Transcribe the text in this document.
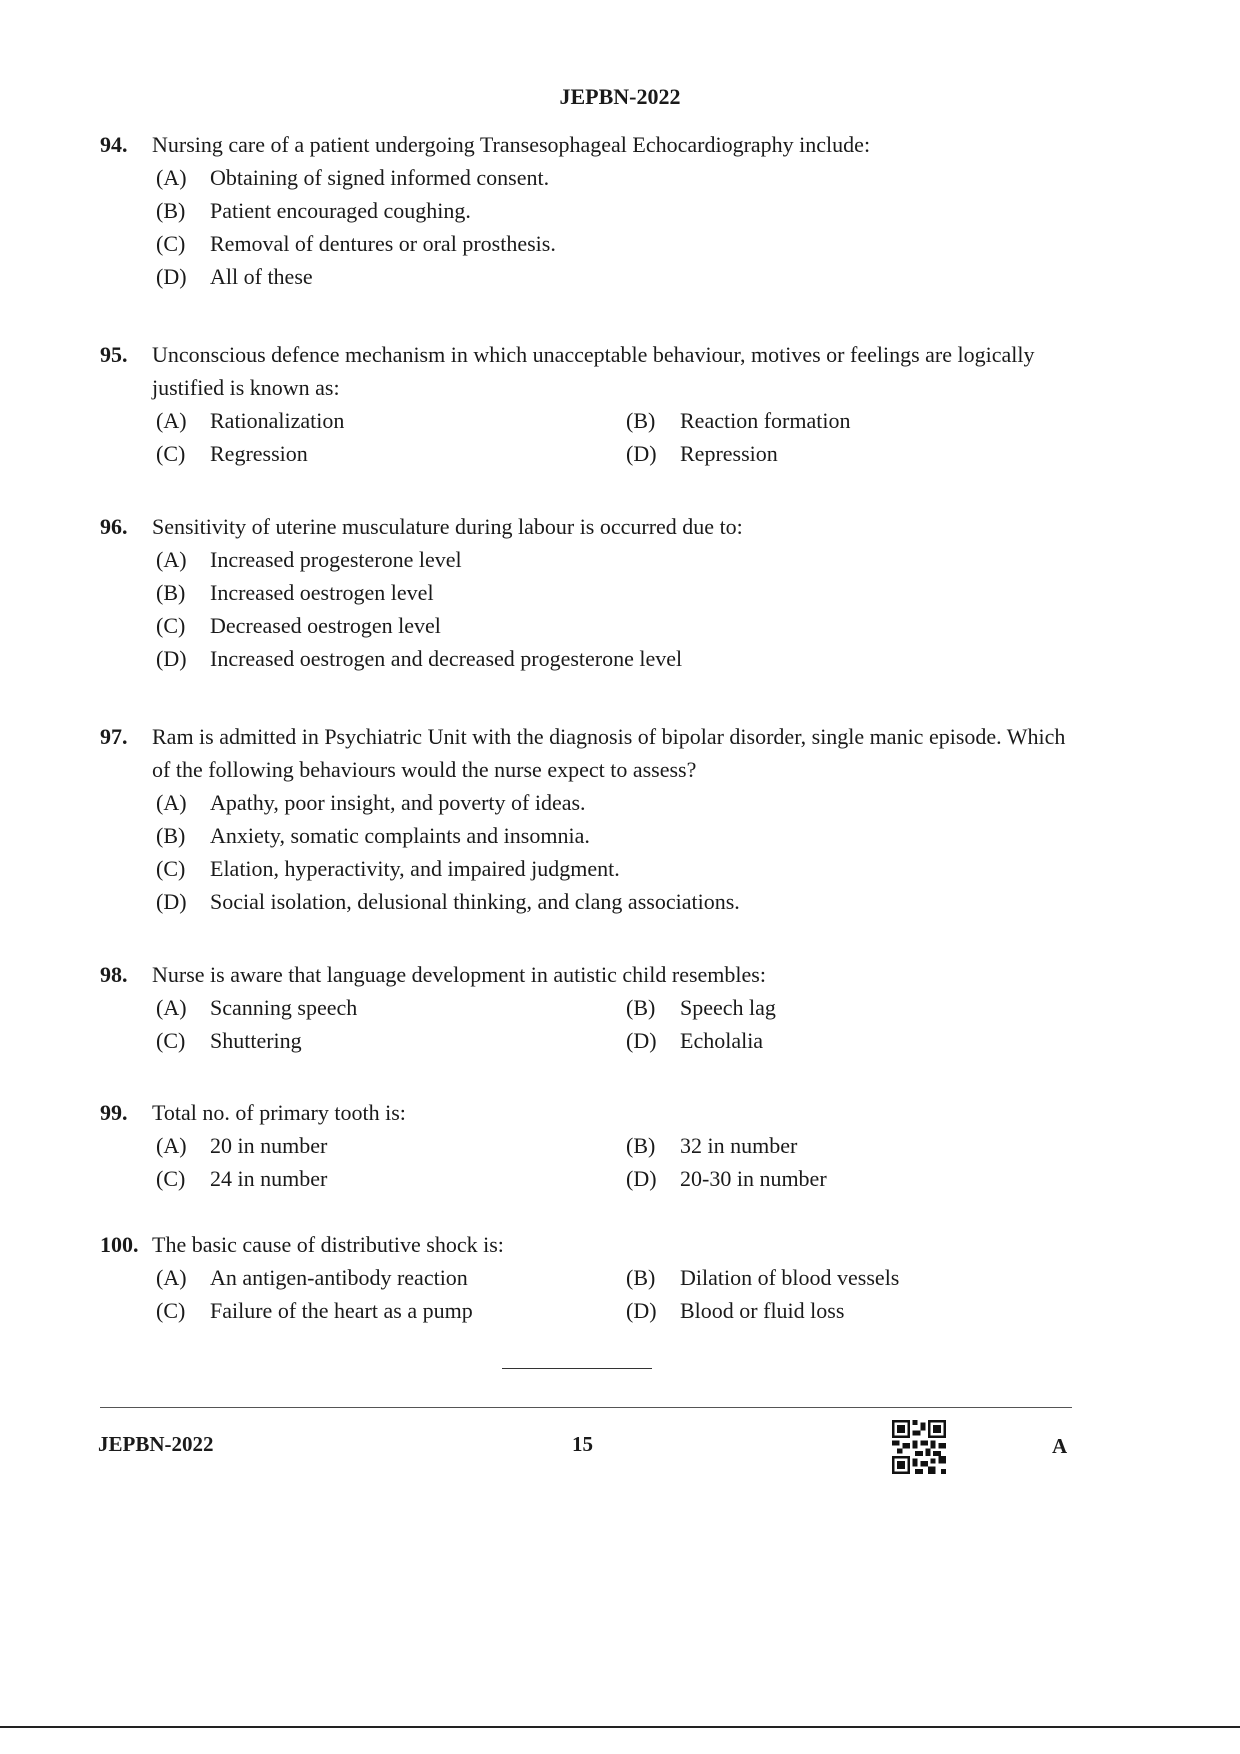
JEPBN-2022
94. Nursing care of a patient undergoing Transesophageal Echocardiography include:
(A) Obtaining of signed informed consent.
(B) Patient encouraged coughing.
(C) Removal of dentures or oral prosthesis.
(D) All of these
95. Unconscious defence mechanism in which unacceptable behaviour, motives or feelings are logically justified is known as:
(A) Rationalization	(B) Reaction formation
(C) Regression	(D) Repression
96. Sensitivity of uterine musculature during labour is occurred due to:
(A) Increased progesterone level
(B) Increased oestrogen level
(C) Decreased oestrogen level
(D) Increased oestrogen and decreased progesterone level
97. Ram is admitted in Psychiatric Unit with the diagnosis of bipolar disorder, single manic episode. Which of the following behaviours would the nurse expect to assess?
(A) Apathy, poor insight, and poverty of ideas.
(B) Anxiety, somatic complaints and insomnia.
(C) Elation, hyperactivity, and impaired judgment.
(D) Social isolation, delusional thinking, and clang associations.
98. Nurse is aware that language development in autistic child resembles:
(A) Scanning speech	(B) Speech lag
(C) Shuttering	(D) Echolalia
99. Total no. of primary tooth is:
(A) 20 in number	(B) 32 in number
(C) 24 in number	(D) 20-30 in number
100. The basic cause of distributive shock is:
(A) An antigen-antibody reaction	(B) Dilation of blood vessels
(C) Failure of the heart as a pump	(D) Blood or fluid loss
JEPBN-2022	15	A
